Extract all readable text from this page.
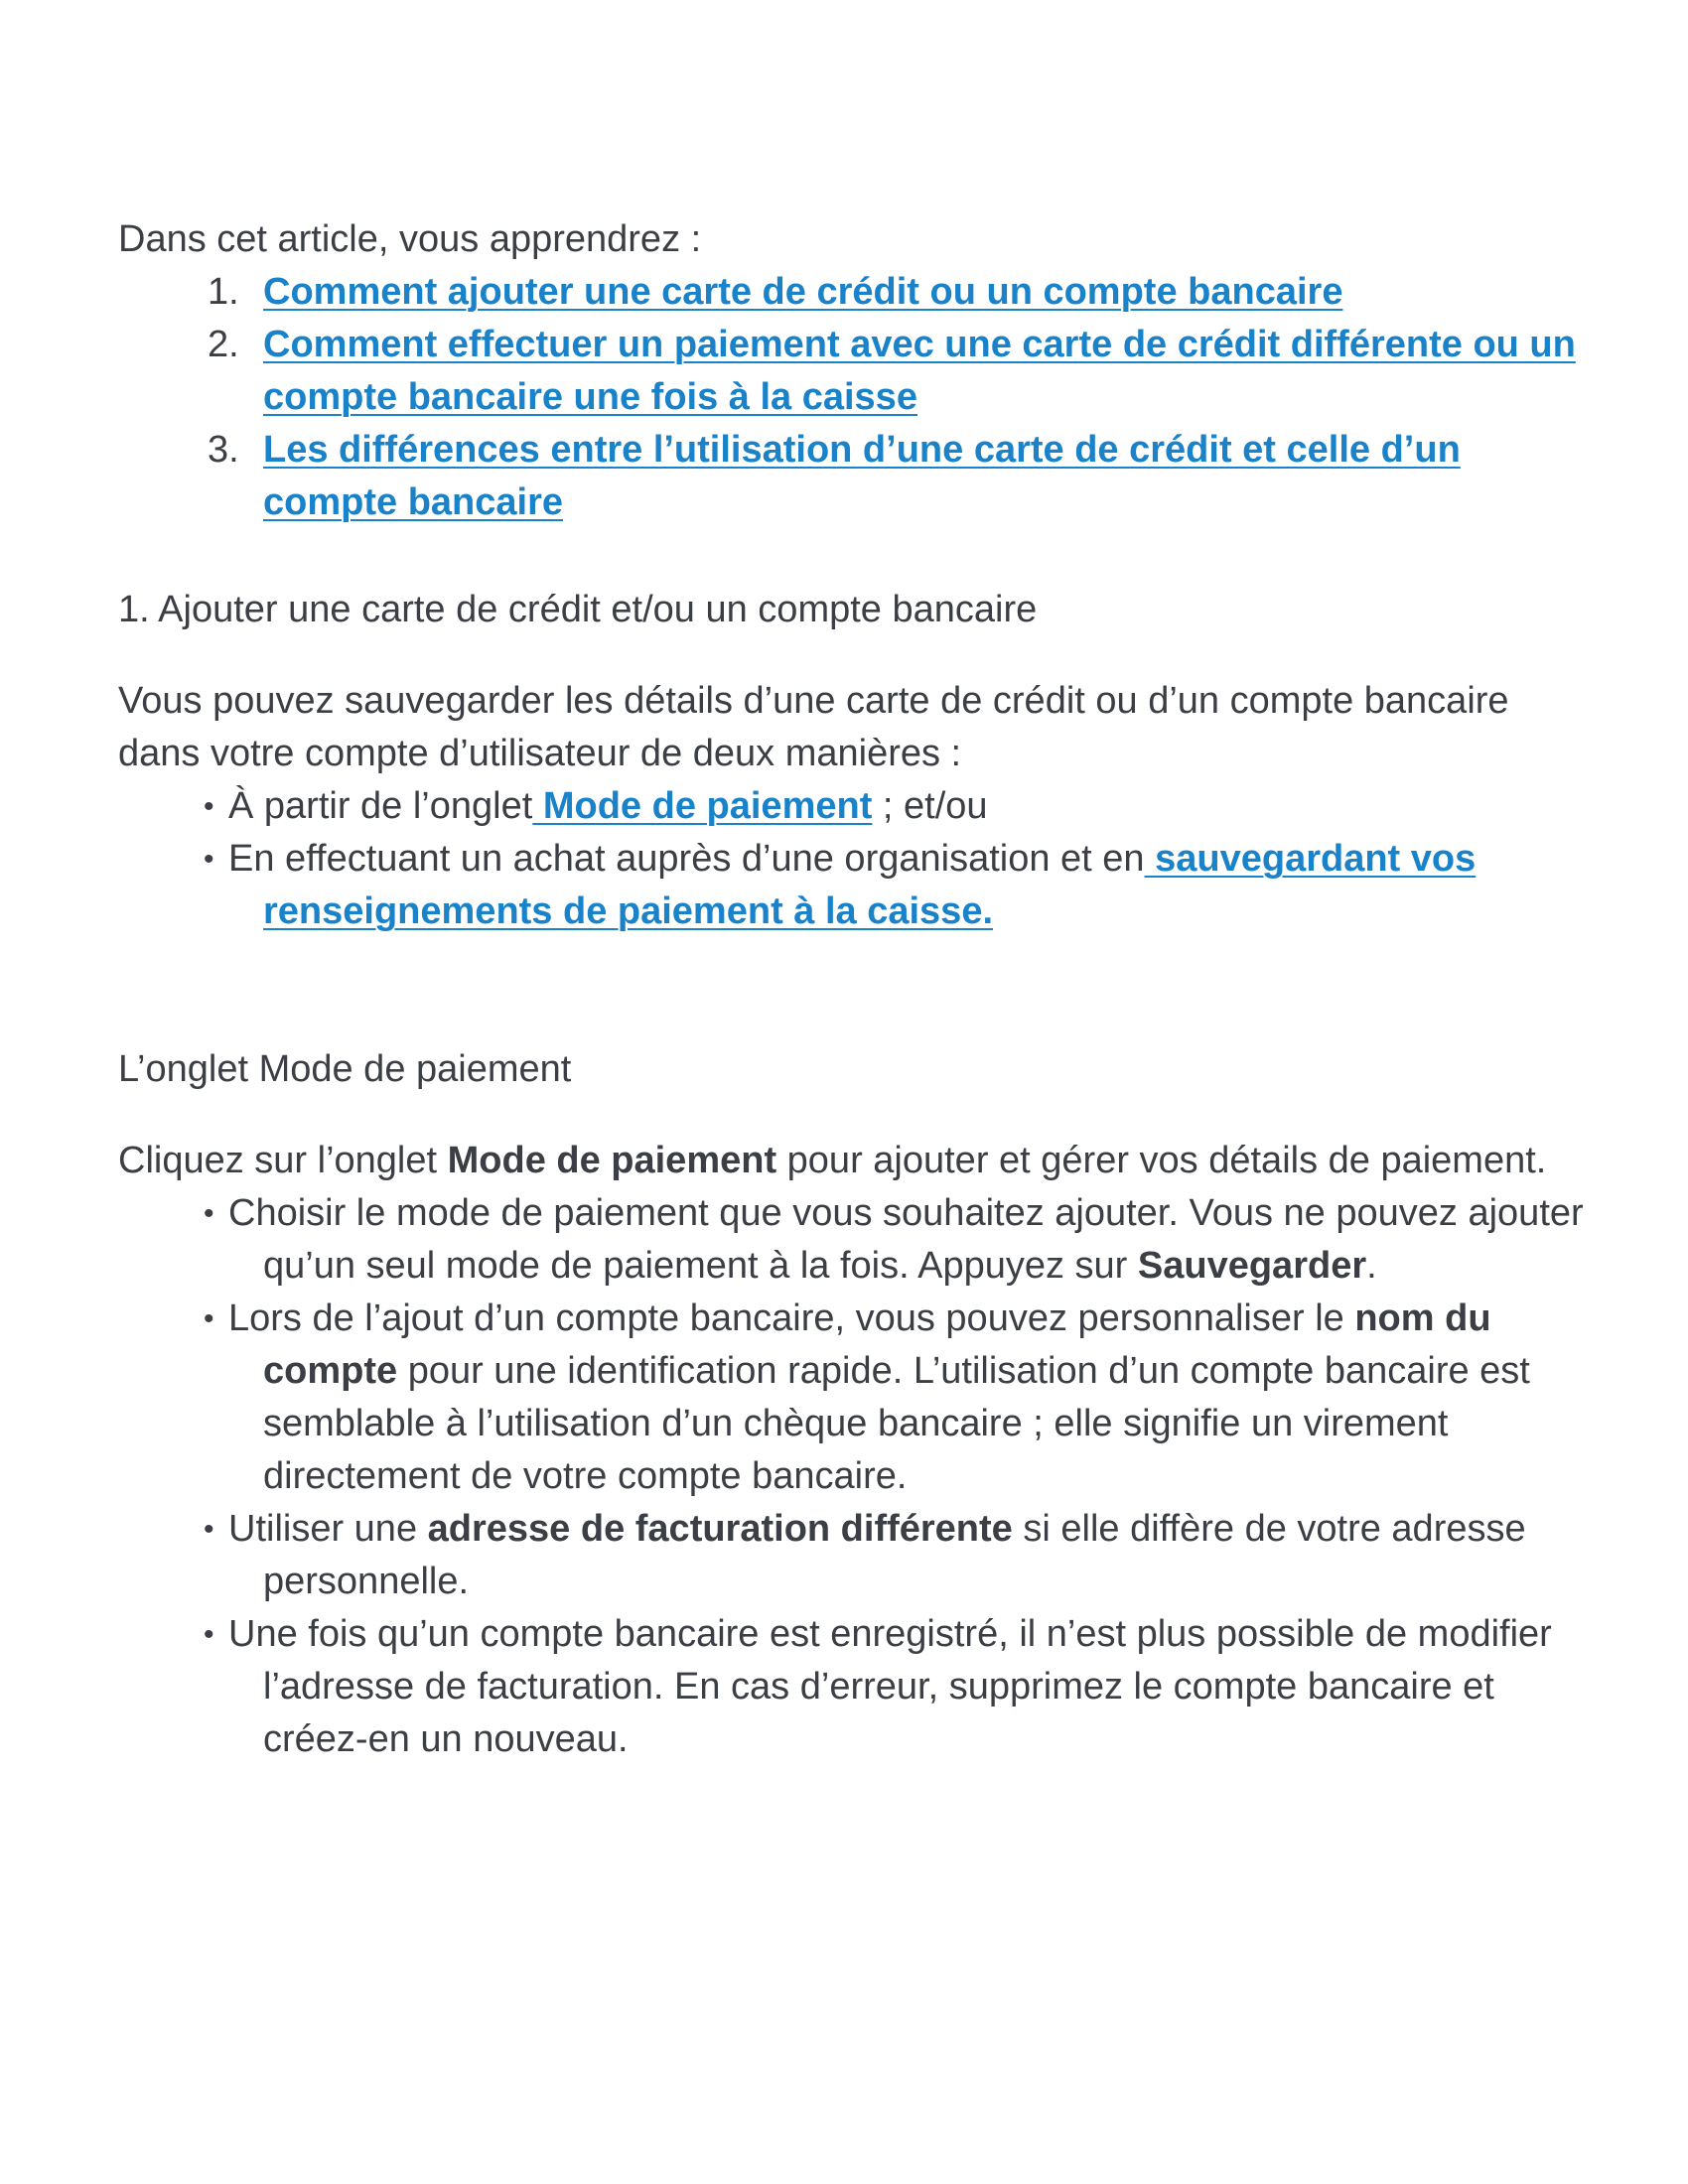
Dans cet article, vous apprendrez :

1. Comment ajouter une carte de crédit ou un compte bancaire
2. Comment effectuer un paiement avec une carte de crédit différente ou un compte bancaire une fois à la caisse
3. Les différences entre l’utilisation d’une carte de crédit et celle d’un compte bancaire

1. Ajouter une carte de crédit et/ou un compte bancaire

Vous pouvez sauvegarder les détails d’une carte de crédit ou d’un compte bancaire dans votre compte d’utilisateur de deux manières :

• À partir de l’onglet Mode de paiement ; et/ou
• En effectuant un achat auprès d’une organisation et en sauvegardant vos renseignements de paiement à la caisse.

L’onglet Mode de paiement

Cliquez sur l’onglet Mode de paiement pour ajouter et gérer vos détails de paiement.

• Choisir le mode de paiement que vous souhaitez ajouter. Vous ne pouvez ajouter qu’un seul mode de paiement à la fois. Appuyez sur Sauvegarder.
• Lors de l’ajout d’un compte bancaire, vous pouvez personnaliser le nom du compte pour une identification rapide. L’utilisation d’un compte bancaire est semblable à l’utilisation d’un chèque bancaire ; elle signifie un virement directement de votre compte bancaire.
• Utiliser une adresse de facturation différente si elle diffère de votre adresse personnelle.
• Une fois qu’un compte bancaire est enregistré, il n’est plus possible de modifier l’adresse de facturation. En cas d’erreur, supprimez le compte bancaire et créez-en un nouveau.
